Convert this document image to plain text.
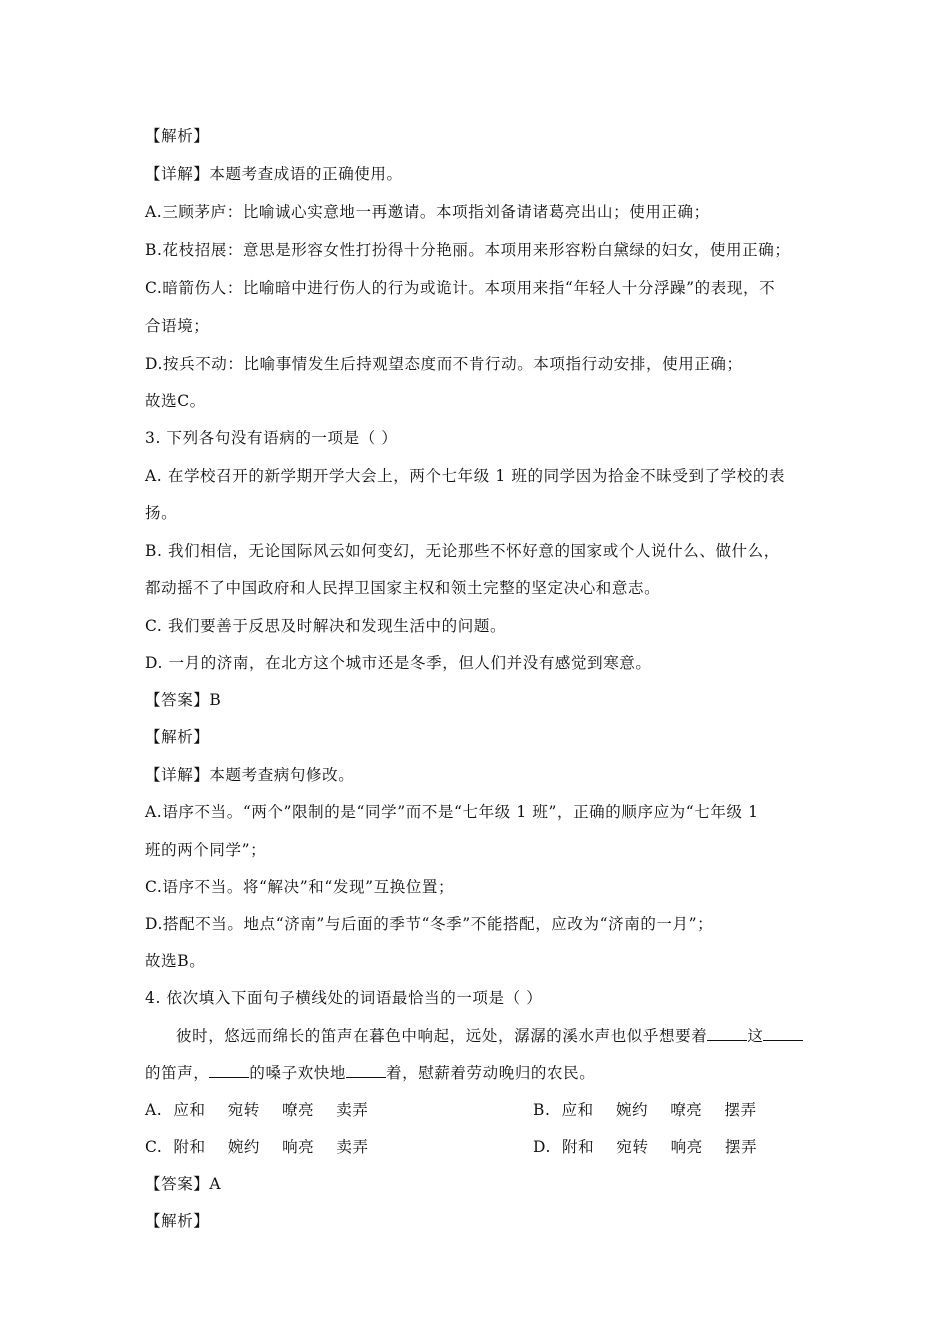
【解析】
【详解】本题考查成语的正确使用。
A.三顾茅庐：比喻诚心实意地一再邀请。本项指刘备请诸葛亮出山；使用正确；
B.花枝招展：意思是形容女性打扮得十分艳丽。本项用来形容粉白黛绿的妇女，使用正确；
C.暗箭伤人：比喻暗中进行伤人的行为或诡计。本项用来指“年轻人十分浮躁”的表现，不
合语境；
D.按兵不动：比喻事情发生后持观望态度而不肯行动。本项指行动安排，使用正确；
故选C。
3. 下列各句没有语病的一项是（ ）
A. 在学校召开的新学期开学大会上，两个七年级 1 班的同学因为拾金不昧受到了学校的表
扬。
B. 我们相信，无论国际风云如何变幻，无论那些不怀好意的国家或个人说什么、做什么，
都动摇不了中国政府和人民捍卫国家主权和领土完整的坚定决心和意志。
C. 我们要善于反思及时解决和发现生活中的问题。
D. 一月的济南，在北方这个城市还是冬季，但人们并没有感觉到寒意。
【答案】B
【解析】
【详解】本题考查病句修改。
A.语序不当。“两个”限制的是“同学”而不是“七年级 1 班”，正确的顺序应为“七年级 1
班的两个同学”；
C.语序不当。将“解决”和“发现”互换位置；
D.搭配不当。地点“济南”与后面的季节“冬季”不能搭配，应改为“济南的一月”；
故选B。
4. 依次填入下面句子横线处的词语最恰当的一项是（ ）
彼时，悠远而绵长的笛声在暮色中响起，远处，潺潺的溪水声也似乎想要着	这
的笛声，	的嗓子欢快地	着，慰薪着劳动晚归的农民。
A.  应和    宛转    嘹亮    卖弄	B.  应和    婉约    嘹亮    摆弄
C.  附和    婉约    响亮    卖弄	D.  附和    宛转    响亮    摆弄
【答案】A
【解析】
